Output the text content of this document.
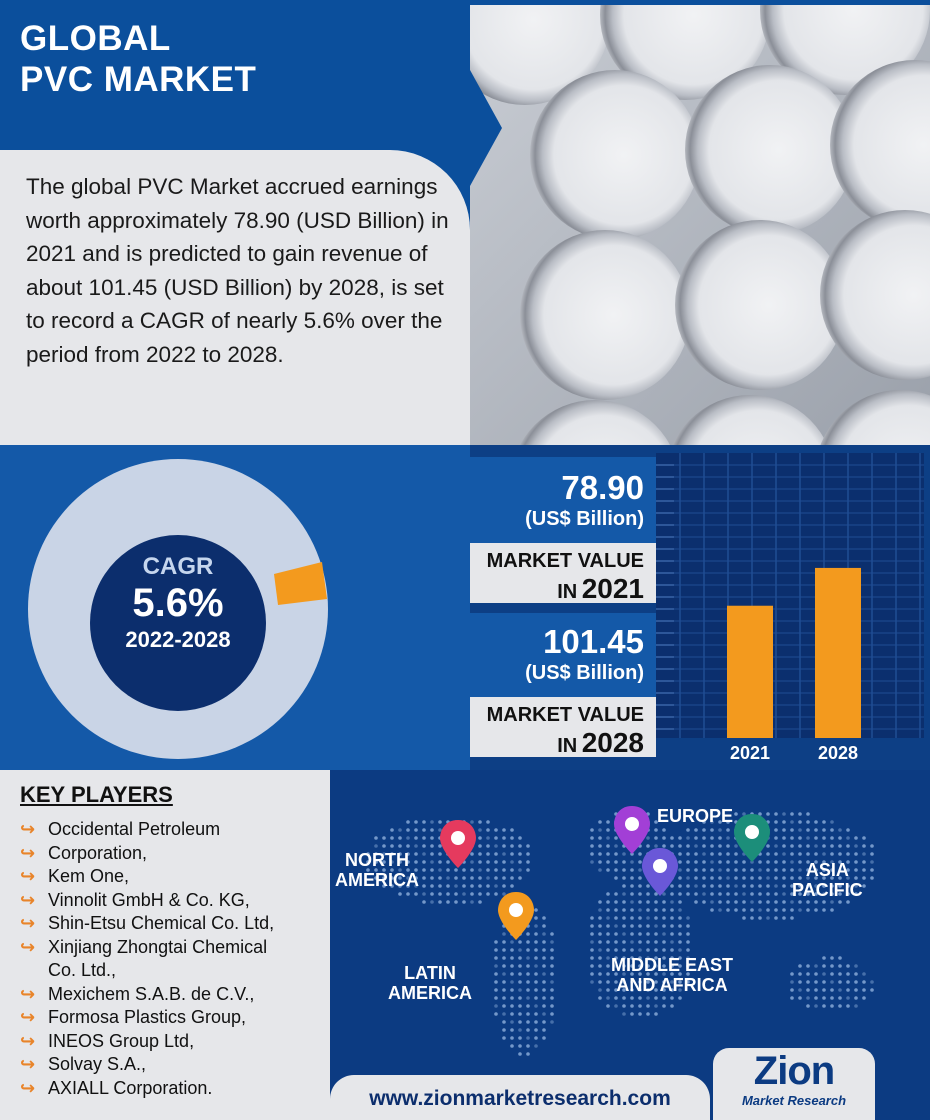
GLOBAL
PVC MARKET

The global PVC Market accrued earnings worth approximately 78.90 (USD Billion) in 2021 and is predicted to gain revenue of about 101.45 (USD Billion) by 2028, is set to record a CAGR of nearly 5.6% over the period from 2022 to 2028.

CAGR
5.6%
2022-2028
78.90
(US$ Billion)
MARKET VALUE
IN 2021
101.45
(US$ Billion)
MARKET VALUE
IN 2028	2021	2028
KEY PLAYERS
↪ Occidental Petroleum
↪ Corporation,
↪ Kem One,
↪ Vinnolit GmbH & Co. KG,
↪ Shin-Etsu Chemical Co. Ltd,
↪ Xinjiang Zhongtai Chemical
Co. Ltd.,
↪ Mexichem S.A.B. de C.V.,
↪ Formosa Plastics Group,
↪ INEOS Group Ltd,
↪ Solvay S.A.,
↪ AXIALL Corporation.
NORTH
AMERICA
EUROPE
ASIA
PACIFIC
LATIN
AMERICA
MIDDLE EAST
AND AFRICA
www.zionmarketresearch.com
Zion
Market Research
